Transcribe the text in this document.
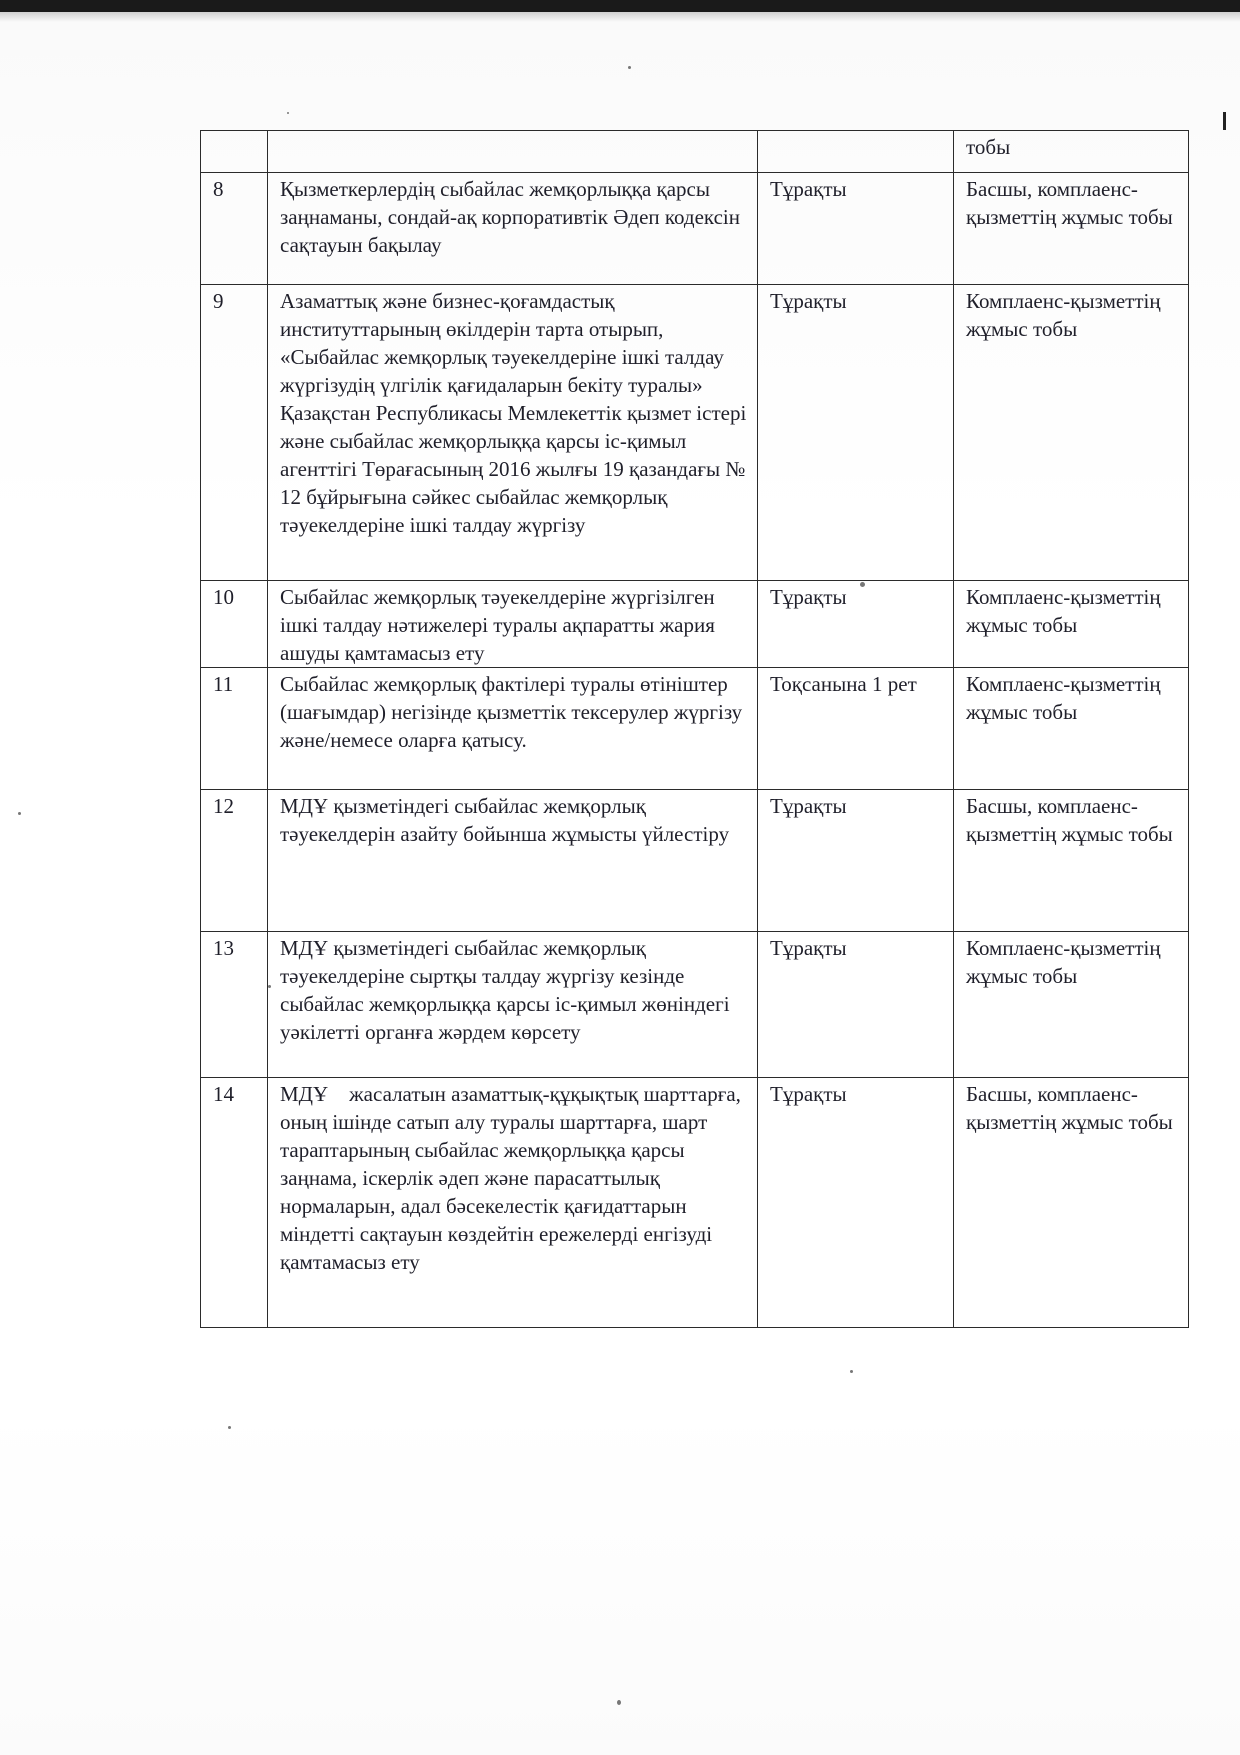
			тобы
8	Қызметкерлердің сыбайлас жемқорлыққа қарсы заңнаманы, сондай-ақ корпоративтік Әдеп кодексін сақтауын бақылау	Тұрақты	Басшы, комплаенс-қызметтің жұмыс тобы
9	Азаматтық және бизнес-қоғамдастық институттарының өкілдерін тарта отырып, «Сыбайлас жемқорлық тәуекелдеріне ішкі талдау жүргізудің үлгілік қағидаларын бекіту туралы» Қазақстан Республикасы Мемлекеттік қызмет істері және сыбайлас жемқорлыққа қарсы іс-қимыл агенттігі Төрағасының 2016 жылғы 19 қазандағы № 12 бұйрығына сәйкес сыбайлас жемқорлық тәуекелдеріне ішкі талдау жүргізу	Тұрақты	Комплаенс-қызметтің жұмыс тобы
10	Сыбайлас жемқорлық тәуекелдеріне жүргізілген ішкі талдау нәтижелері туралы ақпаратты жария ашуды қамтамасыз ету	Тұрақты	Комплаенс-қызметтің жұмыс тобы
11	Сыбайлас жемқорлық фактілері туралы өтініштер (шағымдар) негізінде қызметтік тексерулер жүргізу және/немесе оларға қатысу.	Тоқсанына 1 рет	Комплаенс-қызметтің жұмыс тобы
12	МДҰ қызметіндегі сыбайлас жемқорлық тәуекелдерін азайту бойынша жұмысты үйлестіру	Тұрақты	Басшы, комплаенс-қызметтің жұмыс тобы
13	МДҰ қызметіндегі сыбайлас жемқорлық тәуекелдеріне сыртқы талдау жүргізу кезінде сыбайлас жемқорлыққа қарсы іс-қимыл жөніндегі уәкілетті органға жәрдем көрсету	Тұрақты	Комплаенс-қызметтің жұмыс тобы
14	МДҰ    жасалатын азаматтық-құқықтық шарттарға, оның ішінде сатып алу туралы шарттарға, шарт тараптарының сыбайлас жемқорлыққа қарсы заңнама, іскерлік әдеп және парасаттылық нормаларын, адал бәсекелестік қағидаттарын міндетті сақтауын көздейтін ережелерді енгізуді қамтамасыз ету	Тұрақты	Басшы, комплаенс-қызметтің жұмыс тобы
